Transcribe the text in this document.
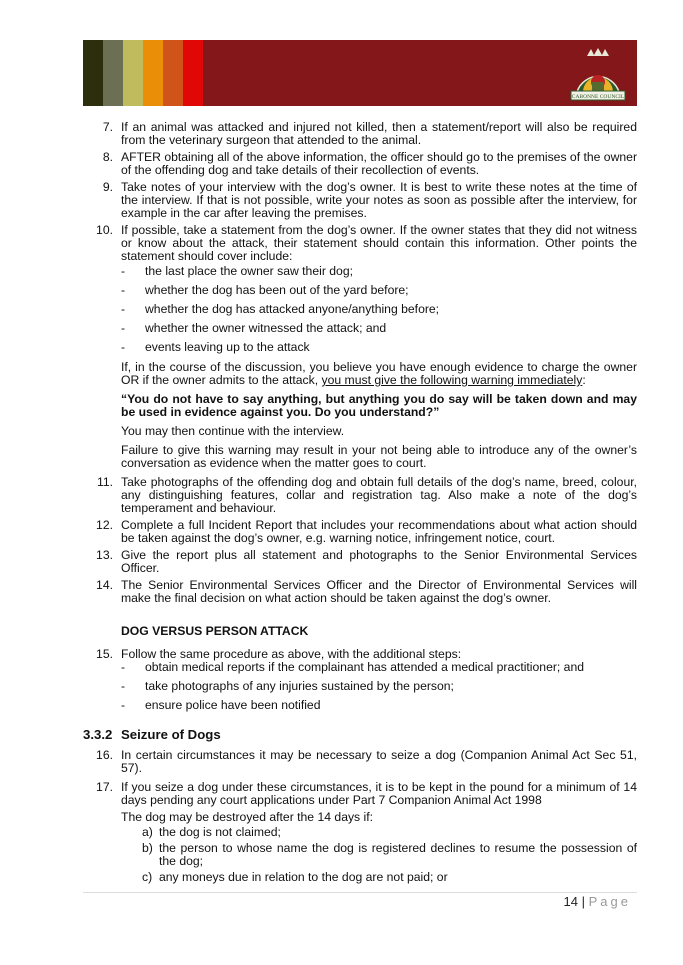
CABONNE COUNCIL
7. If an animal was attacked and injured not killed, then a statement/report will also be required from the veterinary surgeon that attended to the animal.
8. AFTER obtaining all of the above information, the officer should go to the premises of the owner of the offending dog and take details of their recollection of events.
9. Take notes of your interview with the dog’s owner. It is best to write these notes at the time of the interview. If that is not possible, write your notes as soon as possible after the interview, for example in the car after leaving the premises.
10. If possible, take a statement from the dog’s owner. If the owner states that they did not witness or know about the attack, their statement should contain this information. Other points the statement should cover include:
-	the last place the owner saw their dog;
-	whether the dog has been out of the yard before;
-	whether the dog has attacked anyone/anything before;
-	whether the owner witnessed the attack; and
-	events leaving up to the attack
If, in the course of the discussion, you believe you have enough evidence to charge the owner OR if the owner admits to the attack, you must give the following warning immediately:
“You do not have to say anything, but anything you do say will be taken down and may be used in evidence against you. Do you understand?”
You may then continue with the interview.
Failure to give this warning may result in your not being able to introduce any of the owner’s conversation as evidence when the matter goes to court.
11. Take photographs of the offending dog and obtain full details of the dog’s name, breed, colour, any distinguishing features, collar and registration tag. Also make a note of the dog’s temperament and behaviour.
12. Complete a full Incident Report that includes your recommendations about what action should be taken against the dog’s owner, e.g. warning notice, infringement notice, court.
13. Give the report plus all statement and photographs to the Senior Environmental Services Officer.
14. The Senior Environmental Services Officer and the Director of Environmental Services will make the final decision on what action should be taken against the dog’s owner.
DOG VERSUS PERSON ATTACK
15. Follow the same procedure as above, with the additional steps:
-	obtain medical reports if the complainant has attended a medical practitioner; and
-	take photographs of any injuries sustained by the person;
-	ensure police have been notified
3.3.2 Seizure of Dogs
16. In certain circumstances it may be necessary to seize a dog (Companion Animal Act Sec 51, 57).
17. If you seize a dog under these circumstances, it is to be kept in the pound for a minimum of 14 days pending any court applications under Part 7 Companion Animal Act 1998
The dog may be destroyed after the 14 days if:
a) the dog is not claimed;
b) the person to whose name the dog is registered declines to resume the possession of the dog;
c) any moneys due in relation to the dog are not paid; or
14 | Page
